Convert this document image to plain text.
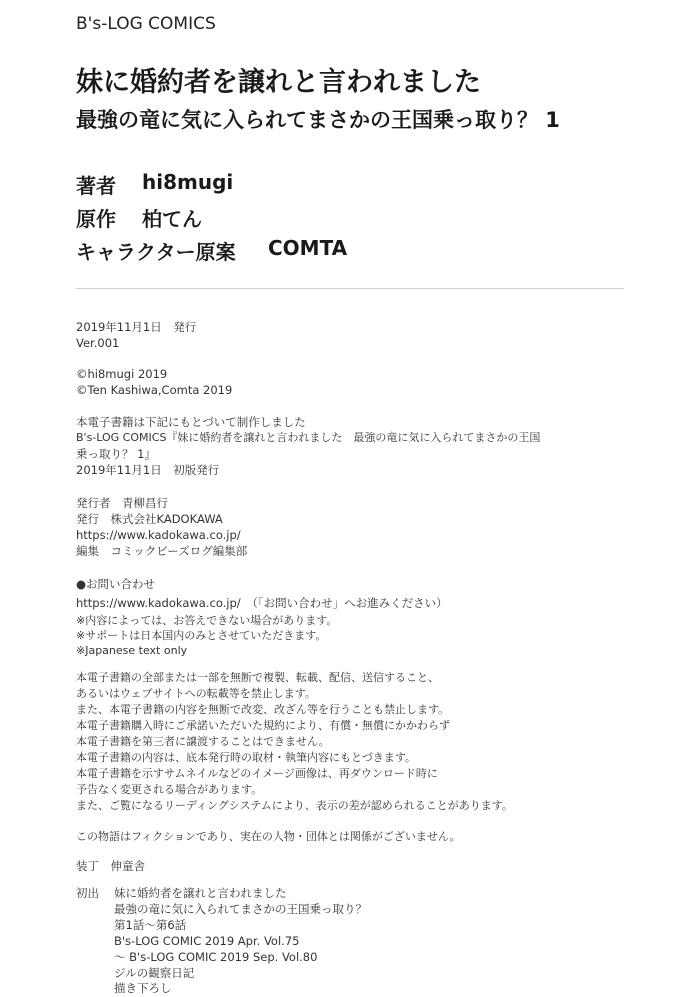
B's-LOG COMICS
妹に婚約者を譲れと言われました
最強の竜に気に入られてまさかの王国乗っ取り？ 1
著者 hi8mugi
原作 柏てん
キャラクター原案 COMTA
2019年11月1日　発行
Ver.001
©hi8mugi 2019
©Ten Kashiwa,Comta 2019
本電子書籍は下記にもとづいて制作しました
B's-LOG COMICS『妹に婚約者を譲れと言われました　最強の竜に気に入られてまさかの王国
乗っ取り？ 1』
2019年11月1日　初版発行
発行者　青柳昌行
発行　株式会社KADOKAWA
https://www.kadokawa.co.jp/
編集　コミックビーズログ編集部
●お問い合わせ
https://www.kadokawa.co.jp/　（「お問い合わせ」へお進みください）
※内容によっては、お答えできない場合があります。
※サポートは日本国内のみとさせていただきます。
※Japanese text only
本電子書籍の全部または一部を無断で複製、転載、配信、送信すること、
あるいはウェブサイトへの転載等を禁止します。
また、本電子書籍の内容を無断で改変、改ざん等を行うことも禁止します。
本電子書籍購入時にご承諾いただいた規約により、有償・無償にかかわらず
本電子書籍を第三者に譲渡することはできません。
本電子書籍の内容は、底本発行時の取材・執筆内容にもとづきます。
本電子書籍を示すサムネイルなどのイメージ画像は、再ダウンロード時に
予告なく変更される場合があります。
また、ご覧になるリーディングシステムにより、表示の差が認められることがあります。
この物語はフィクションであり、実在の人物・団体とは関係がございません。
装丁　伸童舎
初出 妹に婚約者を譲れと言われました
最強の竜に気に入られてまさかの王国乗っ取り？
第1話～第6話
B's-LOG COMIC 2019 Apr. Vol.75
～ B's-LOG COMIC 2019 Sep. Vol.80
ジルの観察日記
描き下ろし
